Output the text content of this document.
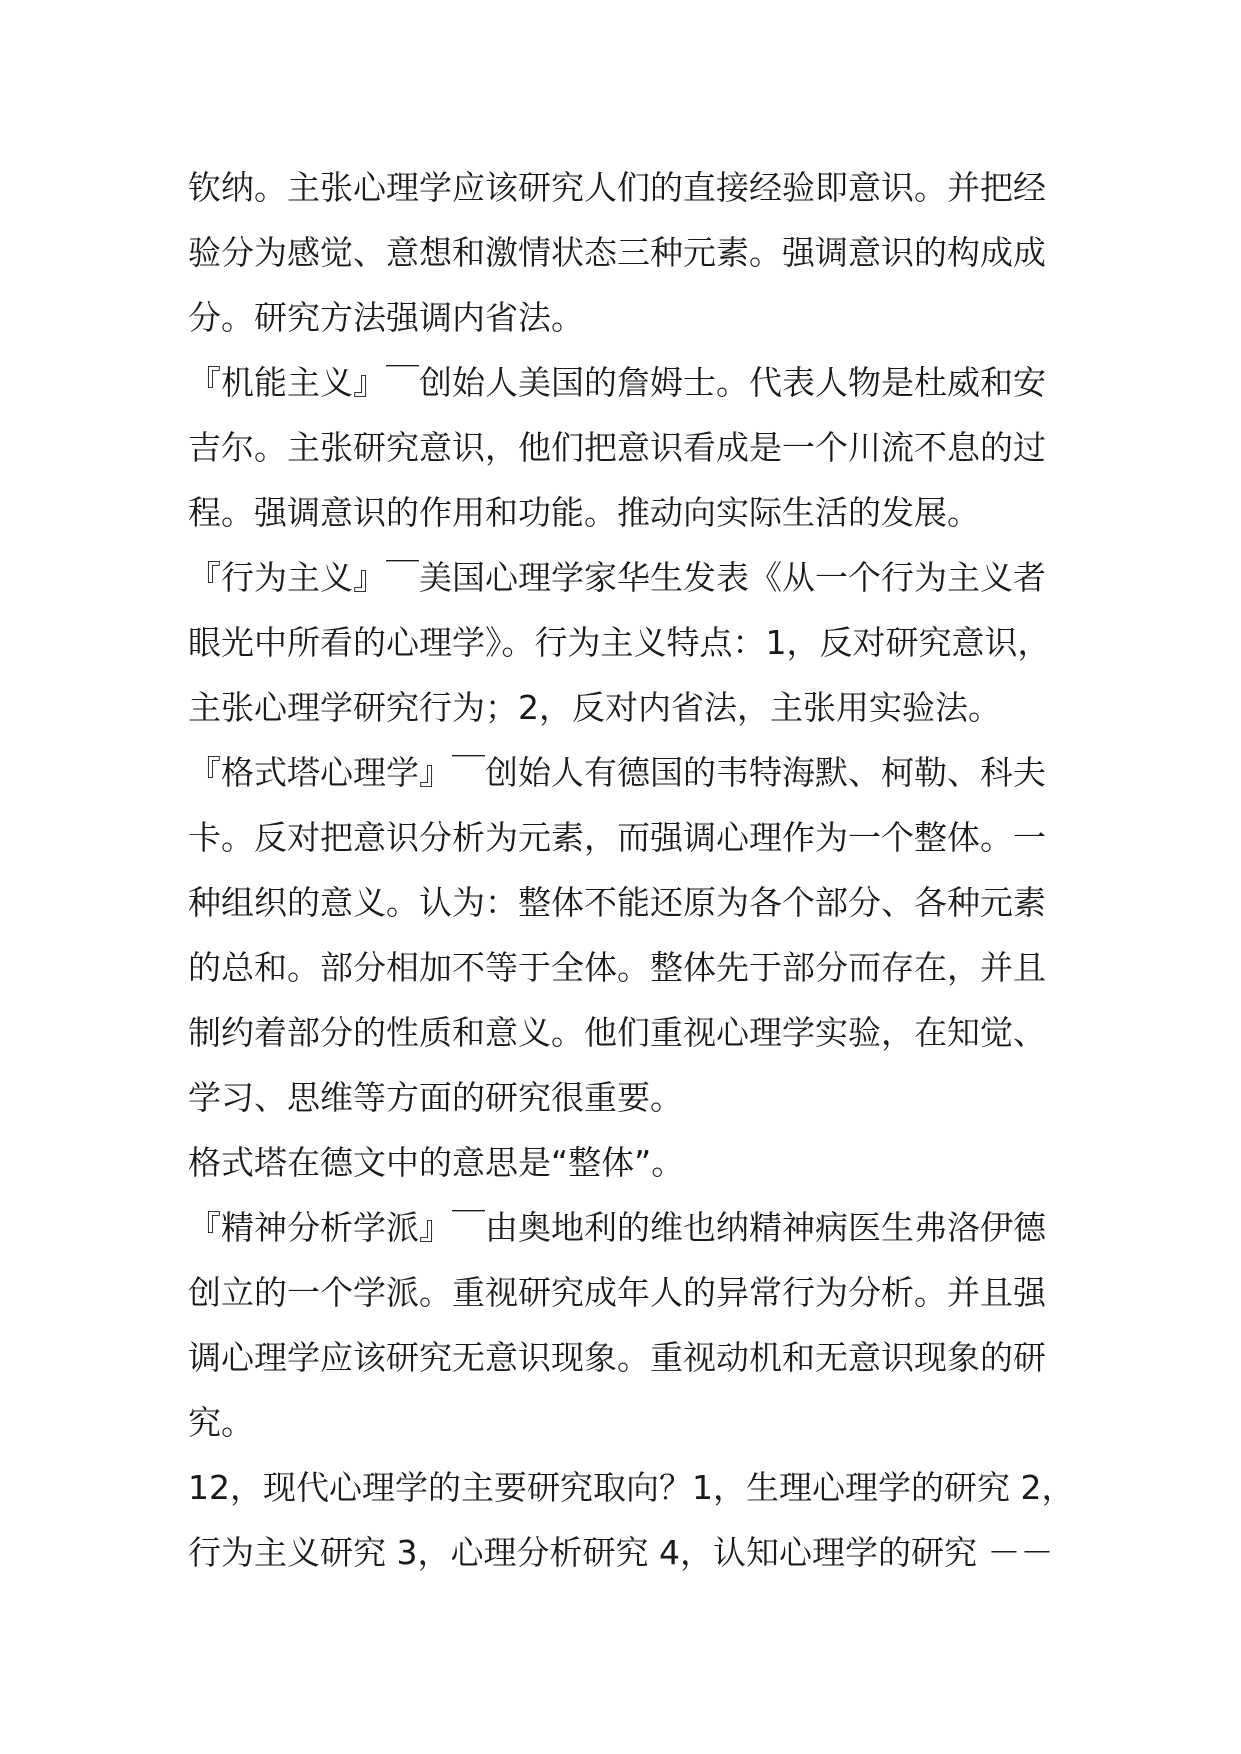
钦纳。主张心理学应该研究人们的直接经验即意识。并把经
验分为感觉、意想和激情状态三种元素。强调意识的构成成
分。研究方法强调内省法。
『机能主义』￣创始人美国的詹姆士。代表人物是杜威和安
吉尔。主张研究意识，他们把意识看成是一个川流不息的过
程。强调意识的作用和功能。推动向实际生活的发展。
『行为主义』￣美国心理学家华生发表《从一个行为主义者
眼光中所看的心理学》。行为主义特点：1，反对研究意识，
主张心理学研究行为；2，反对内省法，主张用实验法。
『格式塔心理学』￣创始人有德国的韦特海默、柯勒、科夫
卡。反对把意识分析为元素，而强调心理作为一个整体。一
种组织的意义。认为：整体不能还原为各个部分、各种元素
的总和。部分相加不等于全体。整体先于部分而存在，并且
制约着部分的性质和意义。他们重视心理学实验，在知觉、
学习、思维等方面的研究很重要。
格式塔在德文中的意思是“整体”。
『精神分析学派』￣由奥地利的维也纳精神病医生弗洛伊德
创立的一个学派。重视研究成年人的异常行为分析。并且强
调心理学应该研究无意识现象。重视动机和无意识现象的研
究。
12，现代心理学的主要研究取向？1，生理心理学的研究 2，
行为主义研究 3，心理分析研究 4，认知心理学的研究 －－
